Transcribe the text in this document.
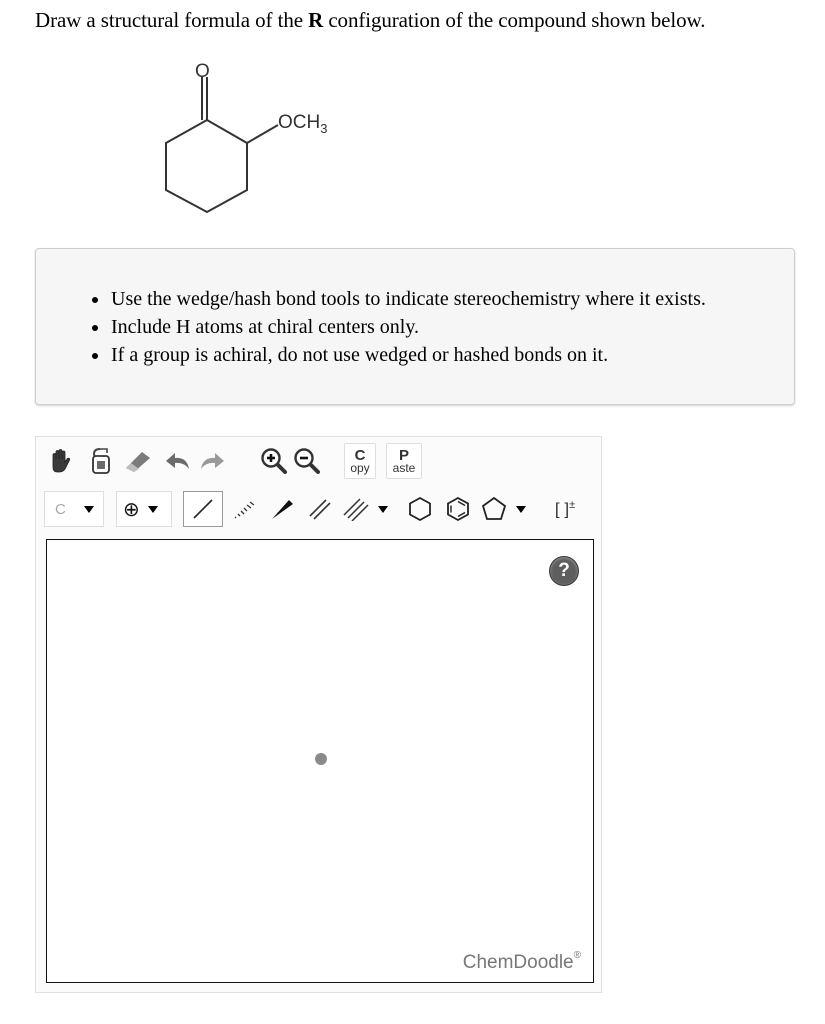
Draw a structural formula of the R configuration of the compound shown below.
O
$OCH_3$
• Use the wedge/hash bond tools to indicate stereochemistry where it exists.
• Include H atoms at chiral centers only.
• If a group is achiral, do not use wedged or hashed bonds on it.
C
opy
P
aste
C	⊕	[ ]±
?
ChemDoodle®
